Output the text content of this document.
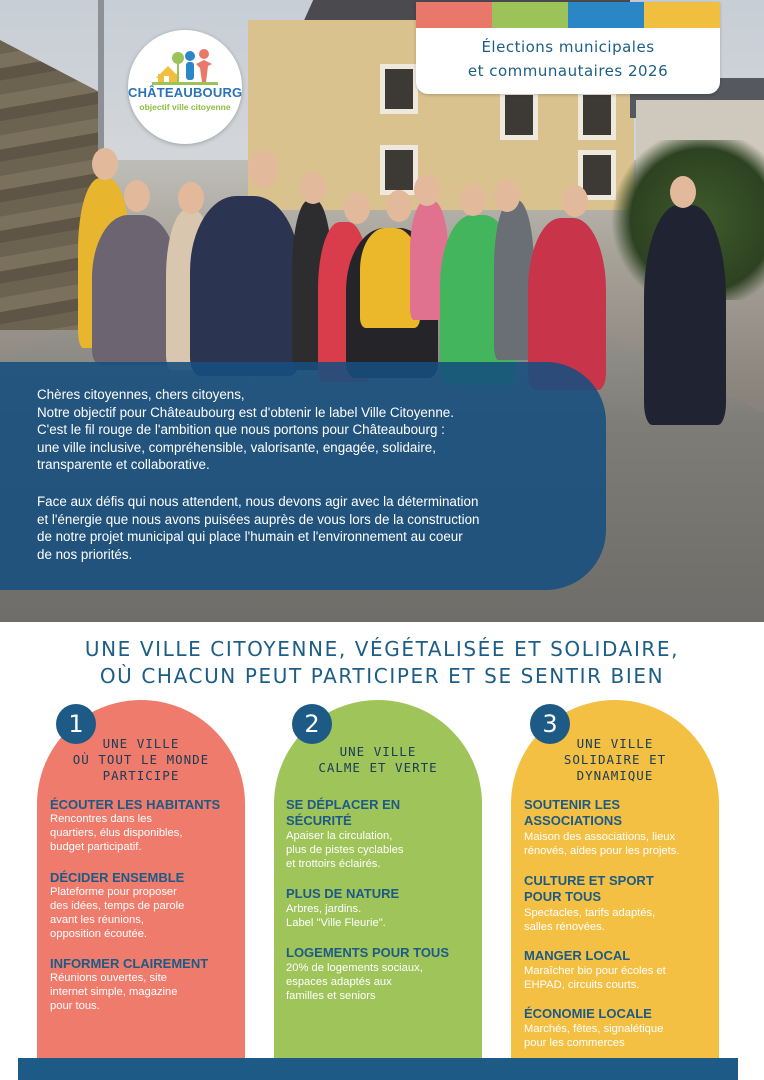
CHÂTEAUBOURG
objectif ville citoyenne
Élections municipales
et communautaires 2026

Chères citoyennes, chers citoyens,
Notre objectif pour Châteaubourg est d'obtenir le label Ville Citoyenne.
C'est le fil rouge de l'ambition que nous portons pour Châteaubourg :
une ville inclusive, compréhensible, valorisante, engagée, solidaire,
transparente et collaborative.

Face aux défis qui nous attendent, nous devons agir avec la détermination
et l'énergie que nous avons puisées auprès de vous lors de la construction
de notre projet municipal qui place l'humain et l'environnement au coeur
de nos priorités.

UNE VILLE CITOYENNE, VÉGÉTALISÉE ET SOLIDAIRE,
OÙ CHACUN PEUT PARTICIPER ET SE SENTIR BIEN
UNE VILLE
OÙ TOUT LE MONDE
PARTICIPE
ÉCOUTER LES HABITANTS
Rencontres dans les
quartiers, élus disponibles,
budget participatif.
DÉCIDER ENSEMBLE
Plateforme pour proposer
des idées, temps de parole
avant les réunions,
opposition écoutée.
INFORMER CLAIREMENT
Réunions ouvertes, site
internet simple, magazine
pour tous.
1
UNE VILLE
CALME ET VERTE
SE DÉPLACER EN
SÉCURITÉ
Apaiser la circulation,
plus de pistes cyclables
et trottoirs éclairés.
PLUS DE NATURE
Arbres, jardins.
Label "Ville Fleurie".
LOGEMENTS POUR TOUS
20% de logements sociaux,
espaces adaptés aux
familles et seniors
2
UNE VILLE
SOLIDAIRE ET
DYNAMIQUE
SOUTENIR LES
ASSOCIATIONS
Maison des associations, lieux
rénovés, aides pour les projets.
CULTURE ET SPORT
POUR TOUS
Spectacles, tarifs adaptés,
salles rénovées.
MANGER LOCAL
Maraîcher bio pour écoles et
EHPAD, circuits courts.
ÉCONOMIE LOCALE
Marchés, fêtes, signalétique
pour les commerces
3
